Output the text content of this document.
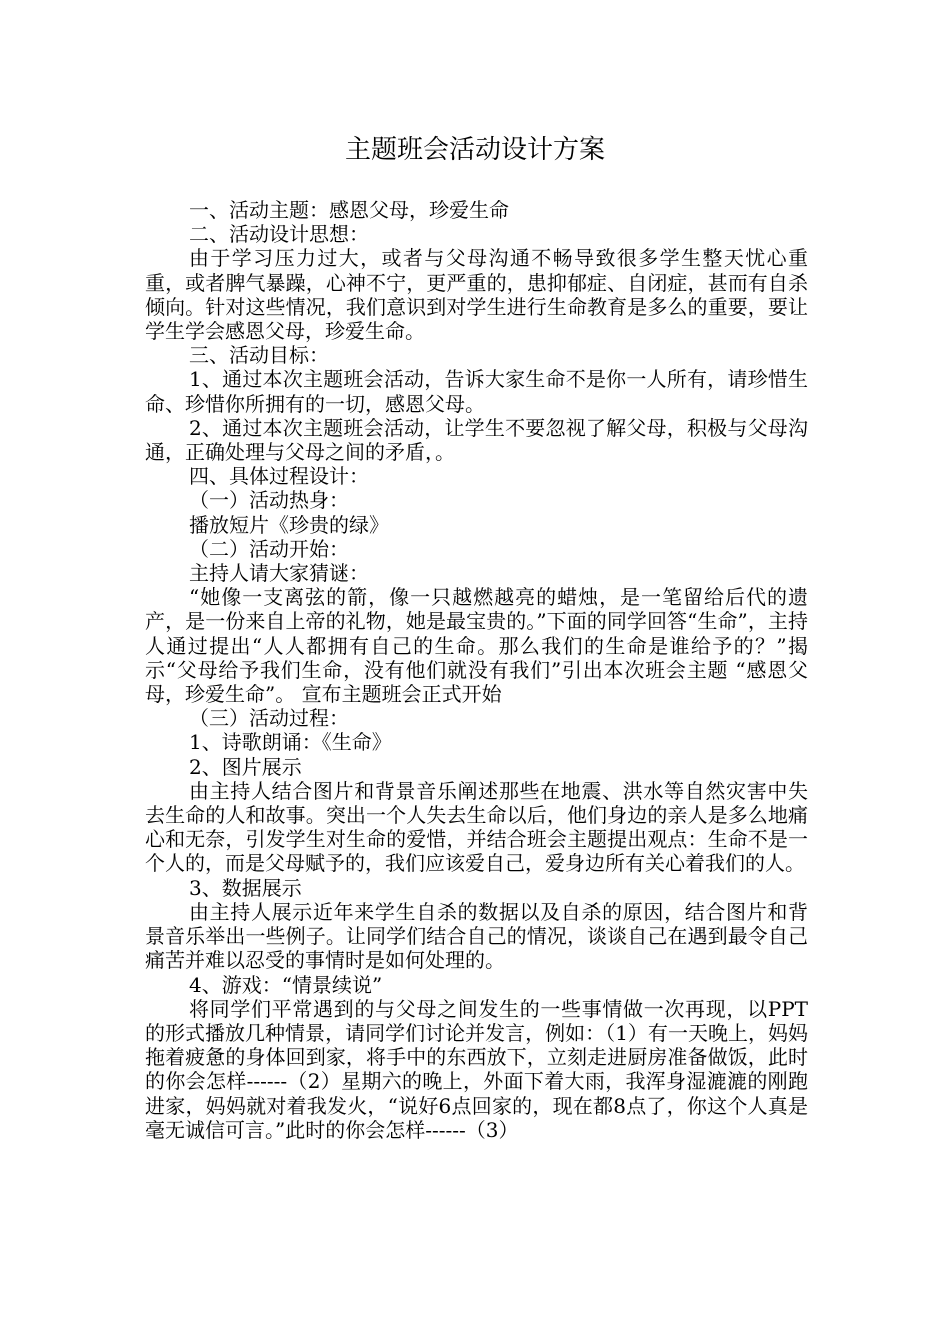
主题班会活动设计方案

一、活动主题：感恩父母，珍爱生命

二、活动设计思想：

由于学习压力过大，或者与父母沟通不畅导致很多学生整天忧心重重，或者脾气暴躁，心神不宁，更严重的，患抑郁症、自闭症，甚而有自杀倾向。针对这些情况，我们意识到对学生进行生命教育是多么的重要，要让学生学会感恩父母，珍爱生命。

三、活动目标：

1、通过本次主题班会活动，告诉大家生命不是你一人所有，请珍惜生命、珍惜你所拥有的一切，感恩父母。

2、通过本次主题班会活动，让学生不要忽视了解父母，积极与父母沟通，正确处理与父母之间的矛盾，。

四、具体过程设计：

（一）活动热身：

播放短片《珍贵的绿》

（二）活动开始：

主持人请大家猜谜：

“她像一支离弦的箭，像一只越燃越亮的蜡烛，是一笔留给后代的遗产，是一份来自上帝的礼物，她是最宝贵的。”下面的同学回答“生命”，主持人通过提出“人人都拥有自己的生命。那么我们的生命是谁给予的？”揭示“父母给予我们生命，没有他们就没有我们”引出本次班会主题 “感恩父母，珍爱生命”。 宣布主题班会正式开始

（三）活动过程：

1、诗歌朗诵：《生命》

2、图片展示

由主持人结合图片和背景音乐阐述那些在地震、洪水等自然灾害中失去生命的人和故事。突出一个人失去生命以后，他们身边的亲人是多么地痛心和无奈，引发学生对生命的爱惜，并结合班会主题提出观点：生命不是一个人的，而是父母赋予的，我们应该爱自己，爱身边所有关心着我们的人。

3、数据展示

由主持人展示近年来学生自杀的数据以及自杀的原因，结合图片和背景音乐举出一些例子。让同学们结合自己的情况，谈谈自己在遇到最令自己痛苦并难以忍受的事情时是如何处理的。

4、游戏：“情景续说”

将同学们平常遇到的与父母之间发生的一些事情做一次再现，以PPT的形式播放几种情景，请同学们讨论并发言，例如：（1）有一天晚上，妈妈拖着疲惫的身体回到家，将手中的东西放下，立刻走进厨房准备做饭，此时的你会怎样------（2）星期六的晚上，外面下着大雨，我浑身湿漉漉的刚跑进家，妈妈就对着我发火，“说好6点回家的，现在都8点了，你这个人真是毫无诚信可言。”此时的你会怎样------（3）
